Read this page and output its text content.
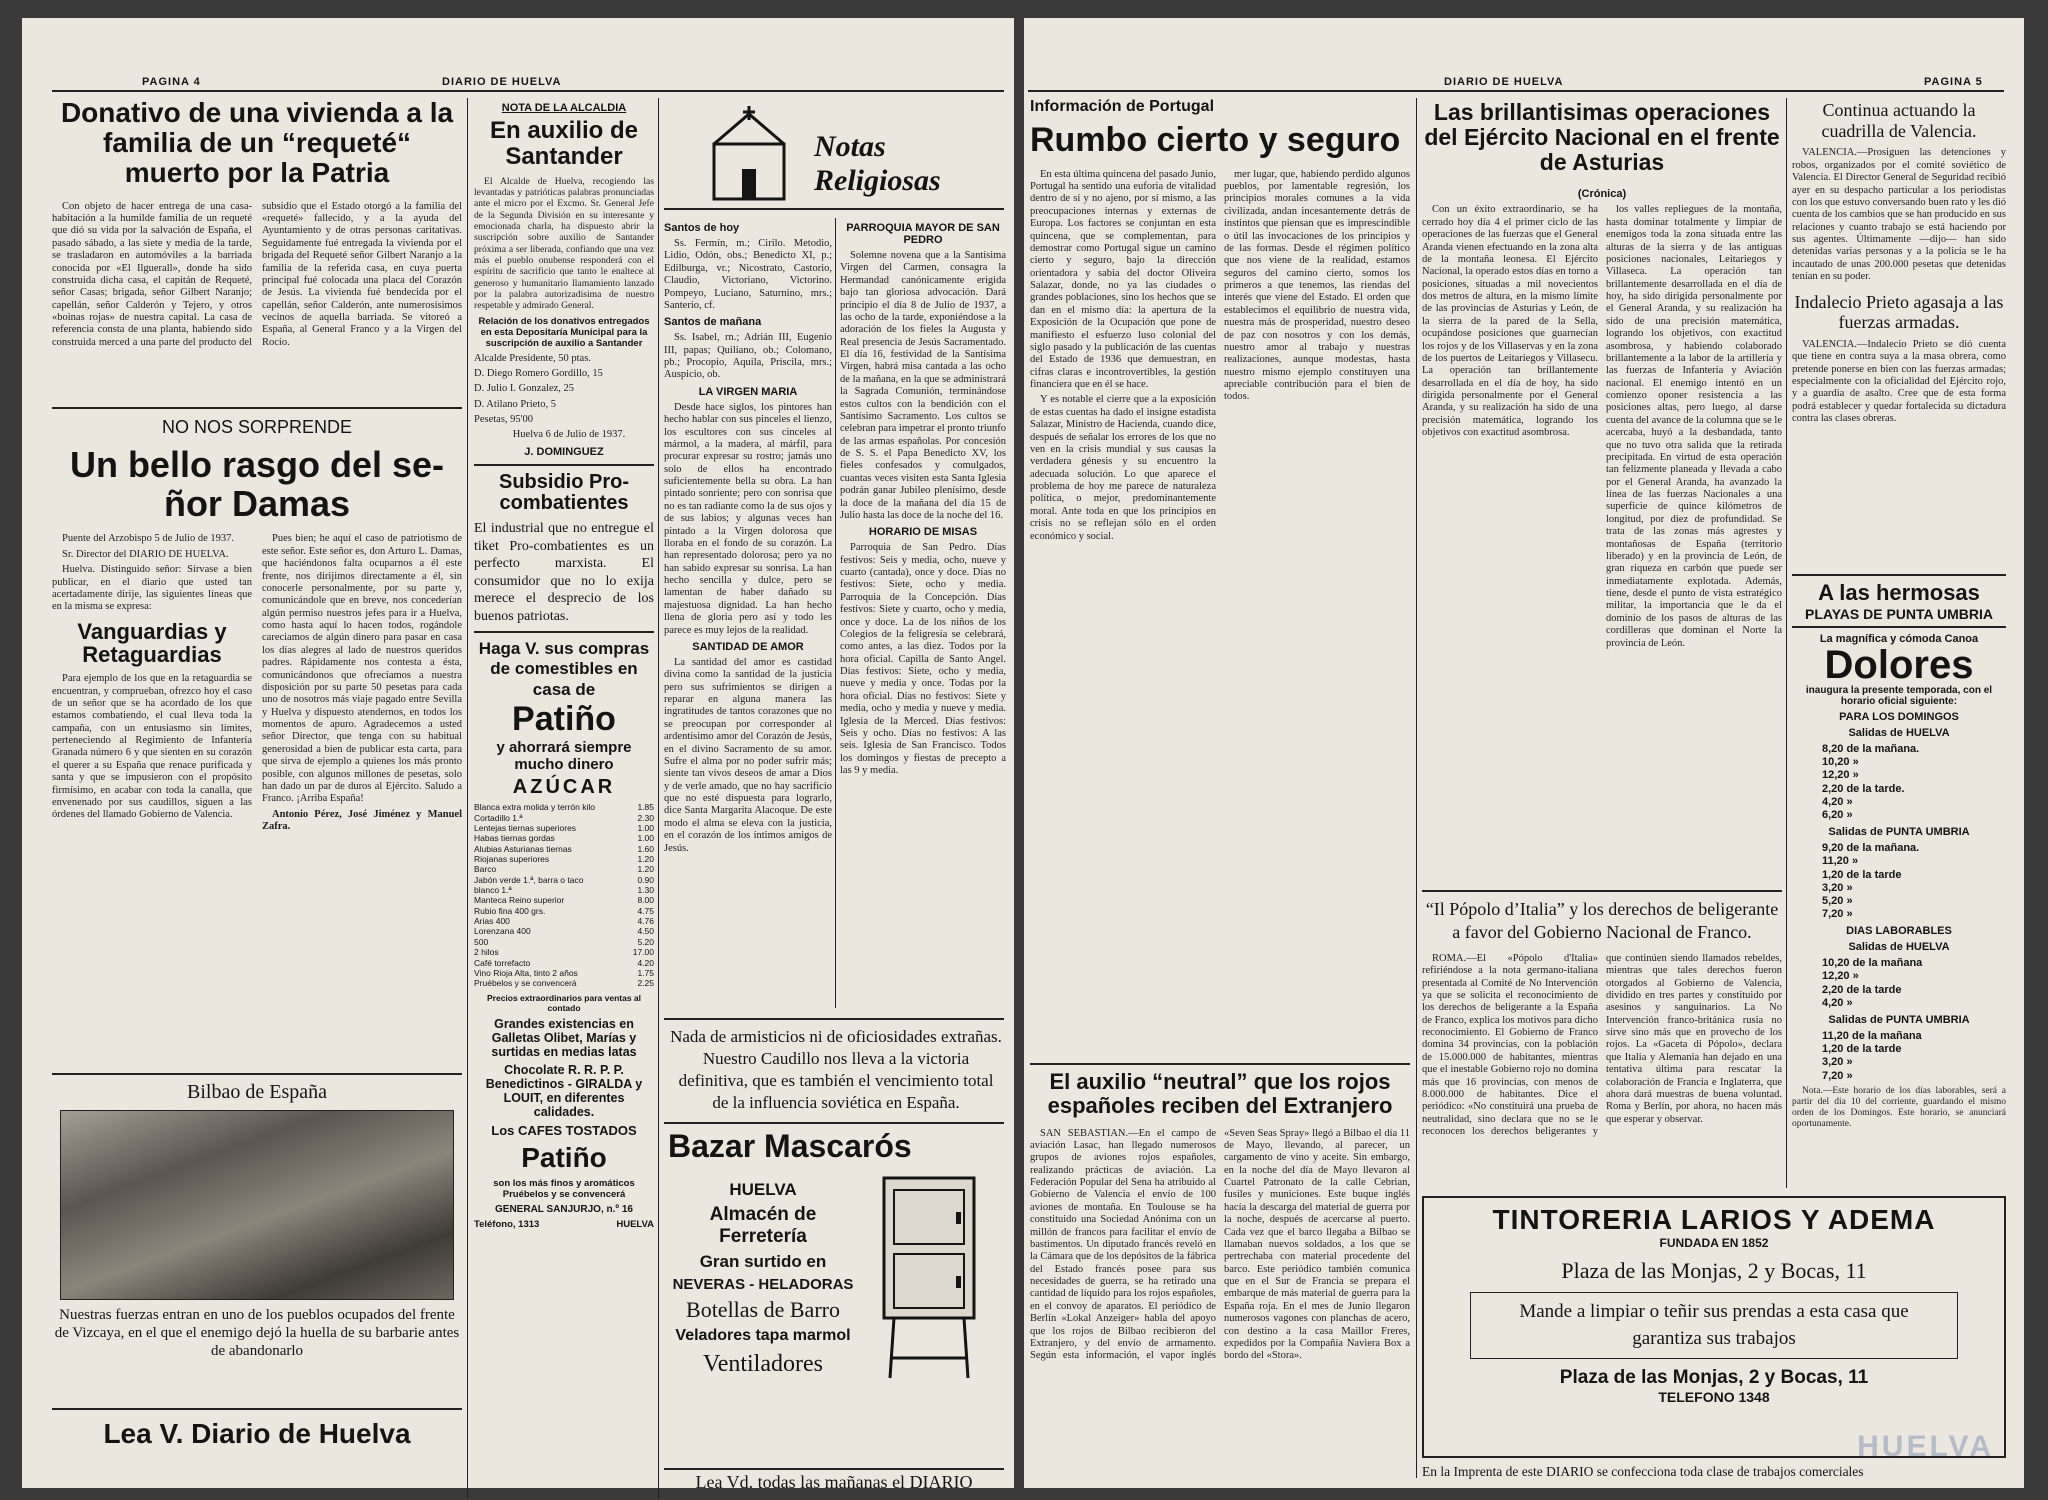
PAGINA 4	DIARIO DE HUELVA
Donativo de una vivienda a la familia de un “requeté“ muerto por la Patria
Con objeto de hacer entrega de una casa-habitación a la humilde familia de un requeté que dió su vida por la salvación de España, el pasado sábado, a las siete y media de la tarde, se trasladaron en automóviles a la barriada conocida por «El Ilguerall», donde ha sido construida dicha casa, el capitán de Requeté, señor Casas; brigada, señor Gilbert Naranjo; capellán, señor Calderón y Tejero, y otros «boinas rojas» de nuestra capital. La casa de referencia consta de una planta, habiendo sido construida merced a una parte del producto del subsidio que el Estado otorgó a la familia del «requeté» fallecido, y a la ayuda del Ayuntamiento y de otras personas caritativas. Seguidamente fué entregada la vivienda por el brigada del Requeté señor Gilbert Naranjo a la familia de la referida casa, en cuya puerta principal fué colocada una placa del Corazón de Jesús. La vivienda fué bendecida por el capellán, señor Calderón, ante numerosísimos vecinos de aquella barriada. Se vitoreó a España, al General Franco y a la Virgen del Rocío.
NO NOS SORPRENDE
Un bello rasgo del señor Damas
Puente del Arzobispo 5 de Julio de 1937.
Sr. Director del DIARIO DE HUELVA.
Huelva. Distinguido señor: Sírvase a bien publicar, en el diario que usted tan acertadamente dirije, las siguientes líneas que en la misma se expresa:
Vanguardias y Retaguardias
Para ejemplo de los que en la retaguardia se encuentran, y comprueban, ofrezco hoy el caso de un señor que se ha acordado de los que estamos combatiendo, el cual lleva toda la campaña, con un entusiasmo sin límites, perteneciendo al Regimiento de Infantería Granada número 6 y que sienten en su corazón el querer a su España que renace purificada y santa y que se impusieron con el propósito firmísimo, en acabar con toda la canalla, que envenenado por sus caudillos, siguen a las órdenes del llamado Gobierno de Valencia.
Pues bien; he aquí el caso de patriotismo de este señor. Este señor es, don Arturo L. Damas, que haciéndonos falta ocuparnos a él este frente, nos dirijimos directamente a él, sin conocerle personalmente, por su parte y, comunicándole que en breve, nos concederían algún permiso nuestros jefes para ir a Huelva, como hasta aquí lo hacen todos, rogándole careciamos de algún dinero para pasar en casa los días alegres al lado de nuestros queridos padres. Rápidamente nos contesta a ésta, comunicándonos que ofrecíamos a nuestra disposición por su parte 50 pesetas para cada uno de nosotros más viaje pagado entre Sevilla y Huelva y dispuesto atendernos, en todos los momentos de apuro. Agradecemos a usted señor Director, que tenga con su habitual generosidad a bien de publicar esta carta, para que sirva de ejemplo a quienes los más pronto posible, con algunos millones de pesetas, solo han dado un par de duros al Ejército. Saludo a Franco. ¡Arriba España!
Antonio Pérez, José Jiménez y Manuel Zafra.
Bilbao de España
Nuestras fuerzas entran en uno de los pueblos ocupados del frente de Vizcaya, en el que el enemigo dejó la huella de su barbarie antes de abandonarlo
Lea V. Diario de Huelva
NOTA DE LA ALCALDIA
En auxilio de Santander
El Alcalde de Huelva, recogiendo las levantadas y patrióticas palabras pronunciadas ante el micro por el Excmo. Sr. General Jefe de la Segunda División en su interesante y emocionada charla, ha dispuesto abrir la suscripción sobre auxilio de Santander próxima a ser liberada, confiando que una vez más el pueblo onubense responderá con el espíritu de sacrificio que tanto le enaltece al generoso y humanitario llamamiento lanzado por la palabra autorizadísima de nuestro respetable y admirado General.
Relación de los donativos entregados en esta Depositaría Municipal para la suscripción de auxilio a Santander
Alcalde Presidente, 50 ptas.
D. Diego Romero Gordillo, 15
D. Julio I. Gonzalez, 25
D. Atilano Prieto, 5
Pesetas, 95'00
Huelva 6 de Julio de 1937.
J. DOMINGUEZ
Subsidio Pro-combatientes
El industrial que no entregue el tiket Pro-combatientes es un perfecto marxista. El consumidor que no lo exija merece el desprecio de los buenos patriotas.
Haga V. sus compras de comestibles en casa de
Patiño
y ahorrará siempre mucho dinero
AZÚCAR
Blanca extra molida y terrón kilo	1.85
Cortadillo 1.ª	2.30
Lentejas tiernas superiores	1.00
Habas tiernas gordas	1.00
Alubias Asturianas tiernas	1.60
Riojanas superiores	1.20
Barco	1.20
Jabón verde 1.ª, barra o taco	0.90
blanco 1.ª	1.30
Manteca Reino superior	8.00
Rubio fina 400 grs.	4.75
Arias 400	4.76
Lorenzana 400	4.50
500	5.20
2 hilos	17.00
Café torrefacto	4.20
Vino Rioja Alta, tinto 2 años	1.75
Pruébelos y se convencerá	2.25
Precios extraordinarios para ventas al contado
Grandes existencias en Galletas Olibet, Marías y surtidas en medias latas
Chocolate R. R. P. P. Benedictinos - GIRALDA y LOUIT, en diferentes calidades.
Los CAFES TOSTADOS
Patiño
son los más finos y aromáticos Pruébelos y se convencerá
GENERAL SANJURJO, n.º 16
Teléfono, 1313	HUELVA
Notas Religiosas
Santos de hoy
Ss. Fermín, m.; Cirilo. Metodio, Lidio, Odón, obs.; Benedicto XI, p.; Edilburga, vr.; Nicostrato, Castorio, Claudio, Victoriano, Victorino. Pompeyo, Luciano, Saturnino, mrs.; Santerio, cf.
Santos de mañana
Ss. Isabel, rn.; Adrián III, Eugenio III, papas; Quiliano, ob.; Colomano, pb.; Procopio, Aquila, Priscila, mrs.; Auspicio, ob.
LA VIRGEN MARIA
Desde hace siglos, los pintores han hecho hablar con sus pinceles el lienzo, los escultores con sus cinceles al mármol, a la madera, al márfil, para procurar expresar su rostro; jamás uno solo de ellos ha encontrado suficientemente bella su obra. La han pintado sonriente; pero con sonrisa que no es tan radiante como la de sus ojos y de sus labios; y algunas veces han pintado a la Virgen dolorosa que lloraba en el fondo de su corazón. La han representado dolorosa; pero ya no han sabido expresar su sonrisa. La han hecho sencilla y dulce, pero se lamentan de haber dañado su majestuosa dignidad. La han hecho llena de gloria pero así y todo les parece es muy lejos de la realidad.
SANTIDAD DE AMOR
La santidad del amor es castidad divina como la santidad de la justicia pero sus sufrimientos se dirigen a reparar en alguna manera las ingratitudes de tantos corazones que no se preocupan por corresponder al ardentísimo amor del Corazón de Jesús, en el divino Sacramento de su amor. Sufre el alma por no poder sufrir más; siente tan vivos deseos de amar a Dios y de verle amado, que no hay sacrificio que no esté dispuesta para lograrlo, dice Santa Margarita Alacoque. De este modo el alma se eleva con la justicia, en el corazón de los íntimos amigos de Jesús.
PARROQUIA MAYOR DE SAN PEDRO
Solemne novena que a la Santísima Virgen del Carmen, consagra la Hermandad canónicamente erigida bajo tan gloriosa advocación. Dará principio el día 8 de Julio de 1937, a las ocho de la tarde, exponiéndose a la adoración de los fieles la Augusta y Real presencia de Jesús Sacramentado. El día 16, festividad de la Santísima Virgen, habrá misa cantada a las ocho de la mañana, en la que se administrará la Sagrada Comunión, terminándose estos cultos con la bendición con el Santísimo Sacramento. Los cultos se celebran para impetrar el pronto triunfo de las armas españolas. Por concesión de S. S. el Papa Benedicto XV, los fieles confesados y comulgados, cuantas veces visiten esta Santa Iglesia podrán ganar Jubileo plenísimo, desde la doce de la mañana del día 15 de Julio hasta las doce de la noche del 16.
HORARIO DE MISAS
Parroquia de San Pedro. Días festivos: Seis y media, ocho, nueve y cuarto (cantada), once y doce. Días no festivos: Siete, ocho y media. Parroquia de la Concepción. Días festivos: Siete y cuarto, ocho y media, once y doce. La de los niños de los Colegios de la feligresía se celebrará, como antes, a las diez. Todos por la hora oficial. Capilla de Santo Angel. Días festivos: Siete, ocho y media, nueve y media y once. Todas por la hora oficial. Días no festivos: Siete y media, ocho y media y nueve y media. Iglesia de la Merced. Días festivos: Seis y ocho. Días no festivos: A las seis. Iglesia de San Francisco. Todos los domingos y fiestas de precepto a las 9 y media.
Nada de armisticios ni de oficiosidades extrañas. Nuestro Caudillo nos lleva a la victoria definitiva, que es también el vencimiento total de la influencia soviética en España.
Bazar Mascarós
HUELVA
Almacén de Ferretería
Gran surtido en
NEVERAS - HELADORAS
Botellas de Barro
Veladores tapa marmol
Ventiladores
Lea Vd. todas las mañanas el DIARIO
DIARIO DE HUELVA	PAGINA 5
Información de Portugal
Rumbo cierto y seguro
En esta última quincena del pasado Junio, Portugal ha sentido una euforia de vitalidad dentro de sí y no ajeno, por sí mismo, a las preocupaciones internas y externas de Europa. Los factores se conjuntan en esta quincena, que se complementan, para demostrar como Portugal sigue un camino cierto y seguro, bajo la dirección orientadora y sabia del doctor Oliveira Salazar, donde, no ya las ciudades o grandes poblaciones, sino los hechos que se dan en el mismo día: la apertura de la Exposición de la Ocupación que pone de manifiesto el esfuerzo luso colonial del siglo pasado y la publicación de las cuentas del Estado de 1936 que demuestran, en cifras claras e incontrovertibles, la gestión financiera que en él se hace.
Y es notable el cierre que a la exposición de estas cuentas ha dado el insigne estadista Salazar, Ministro de Hacienda, cuando dice, después de señalar los errores de los que no ven en la crisis mundial y sus causas la verdadera génesis y su encuentro la adecuada solución. Lo que aparece el problema de hoy me parece de naturaleza política, o mejor, predominantemente moral. Ante toda en que los principios en crisis no se reflejan sólo en el orden económico y social.
mer lugar, que, habiendo perdido algunos pueblos, por lamentable regresión, los principios morales comunes a la vida civilizada, andan incesantemente detrás de instintos que piensan que es imprescindible o útil las invocaciones de los principios y de las formas. Desde el régimen político que nos viene de la realidad, estamos seguros del camino cierto, somos los primeros a que tenemos, las riendas del interés que viene del Estado. El orden que establecimos el equilibrio de nuestra vida, nuestra más de prosperidad, nuestro deseo de paz con nosotros y con los demás, nuestro amor al trabajo y nuestras realizaciones, aunque modestas, hasta nuestro mismo ejemplo constituyen una apreciable contribución para el bien de todos.
El auxilio “neutral” que los rojos españoles reciben del Extranjero
SAN SEBASTIAN.—En el campo de aviación Lasac, han llegado numerosos grupos de aviones rojos españoles, realizando prácticas de aviación. La Federación Popular del Sena ha atribuido al Gobierno de Valencia el envío de 100 aviones de montaña. En Toulouse se ha constituido una Sociedad Anónima con un millón de francos para facilitar el envío de bastimentos. Un diputado francés reveló en la Cámara que de los depósitos de la fábrica del Estado francés posee para sus necesidades de guerra, se ha retirado una cantidad de líquido para los rojos españoles, en el convoy de aparatos. El periódico de Berlín «Lokal Anzeiger» habla del apoyo que los rojos de Bilbao recibieron del Extranjero, y del envío de armamento. Según esta información, el vapor inglés «Seven Seas Spray» llegó a Bilbao el día 11 de Mayo, llevando, al parecer, un cargamento de vino y aceite. Sin embargo, en la noche del día de Mayo llevaron al Cuartel Patronato de la calle Cebrian, fusiles y municiones. Este buque inglés hacía la descarga del material de guerra por la noche, después de acercarse al puerto. Cada vez que el barco llegaba a Bilbao se llamaban nuevos soldados, a los que se pertrechaba con material procedente del barco. Este periódico también comunica que en el Sur de Francia se prepara el embarque de más material de guerra para la España roja. En el mes de Junio llegaron numerosos vagones con planchas de acero, con destino a la casa Maillor Freres, expedidos por la Compañía Naviera Box a bordo del «Stora».
Las brillantisimas operaciones del Ejército Nacional en el frente de Asturias
(Crónica)
Con un éxito extraordinario, se ha cerrado hoy día 4 el primer ciclo de las operaciones de las fuerzas que el General Aranda vienen efectuando en la zona alta de la montaña leonesa. El Ejército Nacional, la operado estos días en torno a posiciones, situadas a mil novecientos dos metros de altura, en la mismo límite de las provincias de Asturias y León, de la sierra de la pared de la Sella, ocupándose posiciones que guarnecían los rojos y de los Villaservas y en la zona de los puertos de Leitariegos y Villasecu. La operación tan brillantemente desarrollada en el día de hoy, ha sido dirigida personalmente por el General Aranda, y su realización ha sido de una precisión matemática, logrando los objetivos con exactitud asombrosa.
los valles repliegues de la montaña, hasta dominar totalmente y limpiar de enemigos toda la zona situada entre las alturas de la sierra y de las antiguas posiciones nacionales, Leitariegos y Villaseca. La operación tan brillantemente desarrollada en el día de hoy, ha sido dirigida personalmente por el General Aranda, y su realización ha sido de una precisión matemática, logrando los objetivos, con exactitud asombrosa, y habiendo colaborado brillantemente a la labor de la artillería y las fuerzas de Infantería y Aviación nacional. El enemigo intentó en un comienzo oponer resistencia a las posiciones altas, pero luego, al darse cuenta del avance de la columna que se le acercaba, huyó a la desbandada, tanto que no tuvo otra salida que la retirada precipitada. En virtud de esta operación tan felizmente planeada y llevada a cabo por el General Aranda, ha avanzado la línea de las fuerzas Nacionales a una superficie de quince kilómetros de longitud, por diez de profundidad. Se trata de las zonas más agrestes y montañosas de España (territorio liberado) y en la provincia de León, de gran riqueza en carbón que puede ser inmediatamente explotada. Además, tiene, desde el punto de vista estratégico militar, la importancia que le da el dominio de los pasos de alturas de las cordilleras que dominan el Norte la provincia de León.
“Il Pópolo d’Italia” y los derechos de beligerante a favor del Gobierno Nacional de Franco.
ROMA.—El «Pópolo d'Italia» refiriéndose a la nota germano-italiana presentada al Comité de No Intervención ya que se solicita el reconocimiento de los derechos de beligerante a la España de Franco, explica los motivos para dicho reconocimiento. El Gobierno de Franco domina 34 provincias, con la población de 15.000.000 de habitantes, mientras que el inestable Gobierno rojo no domina más que 16 provincias, con menos de 8.000.000 de habitantes. Dice el periódico: «No constituirá una prueba de neutralidad, sino declara que no se le reconocen los derechos beligerantes y que continúen siendo llamados rebeldes, mientras que tales derechos fueron otorgados al Gobierno de Valencia, dividido en tres partes y constituido por asesinos y sanguinarios. La No Intervención franco-británica rusia no sirve sino más que en provecho de los rojos. La «Gaceta di Pópolo», declara que Italia y Alemania han dejado en una tentativa última para rescatar la colaboración de Francia e Inglaterra, que ahora dará muestras de buena voluntad. Roma y Berlín, por ahora, no hacen más que esperar y observar.
Continua actuando la cuadrilla de Valencia.
VALENCIA.—Prosiguen las detenciones y robos, organizados por el comité soviético de Valencia. El Director General de Seguridad recibió ayer en su despacho particular a los periodistas con los que estuvo conversando buen rato y les dió cuenta de los cambios que se han producido en sus relaciones y cuanto trabajo se está haciendo por sus agentes. Últimamente —dijo— han sido detenidas varias personas y a la policía se le ha incautado de unas 200.000 pesetas que detenidas tenían en su poder.
Indalecio Prieto agasaja a las fuerzas armadas.
VALENCIA.—Indalecio Prieto se dió cuenta que tiene en contra suya a la masa obrera, como pretende ponerse en bien con las fuerzas armadas; especialmente con la oficialidad del Ejército rojo, y a guardia de asalto. Cree que de esta forma podrá establecer y quedar fortalecida su dictadura contra las clases obreras.
A las hermosas
PLAYAS DE PUNTA UMBRIA
La magnífica y cómoda Canoa
Dolores
inaugura la presente temporada, con el horario oficial siguiente:
PARA LOS DOMINGOS
Salidas de HUELVA
8,20 de la mañana.
10,20 »
12,20 »
2,20 de la tarde.
4,20 »
6,20 »
Salidas de PUNTA UMBRIA
9,20 de la mañana.
11,20 »
1,20 de la tarde
3,20 »
5,20 »
7,20 »
DIAS LABORABLES
Salidas de HUELVA
10,20 de la mañana
12,20 »
2,20 de la tarde
4,20 »
Salidas de PUNTA UMBRIA
11,20 de la mañana
1,20 de la tarde
3,20 »
7,20 »
Nota.—Este horario de los días laborables, será a partir del día 10 del corriente, guardando el mismo orden de los Domingos. Este horario, se anunciará oportunamente.
TINTORERIA LARIOS Y ADEMA
FUNDADA EN 1852
Plaza de las Monjas, 2 y Bocas, 11
Mande a limpiar o teñir sus prendas a esta casa que garantiza sus trabajos
Plaza de las Monjas, 2 y Bocas, 11
TELEFONO 1348
En la Imprenta de este DIARIO se confecciona toda clase de trabajos comerciales
HUELVA
